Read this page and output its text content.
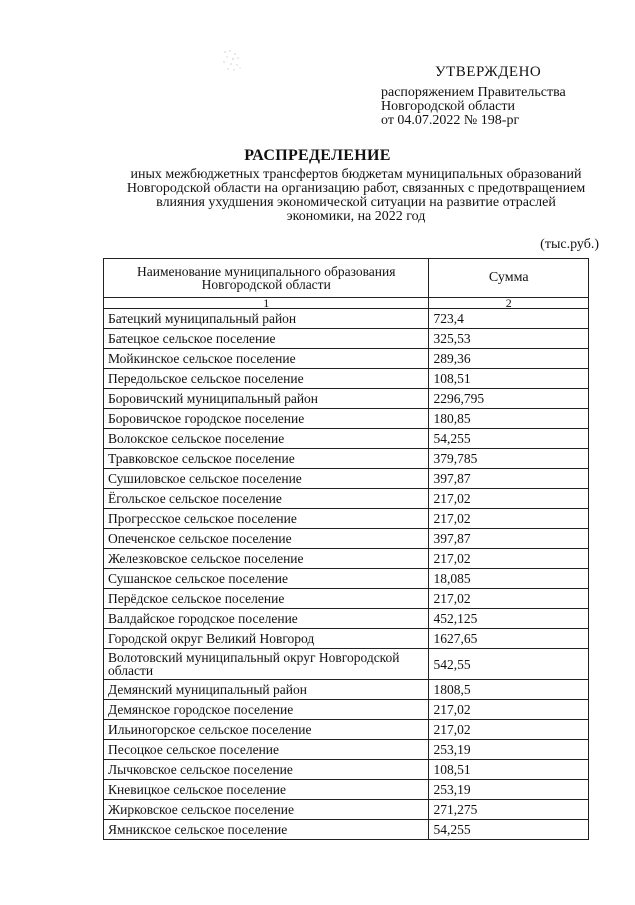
УТВЕРЖДЕНО
распоряжением Правительства
Новгородской области
от 04.07.2022 № 198-рг
РАСПРЕДЕЛЕНИЕ
иных межбюджетных трансфертов бюджетам муниципальных образований
Новгородской области на организацию работ, связанных с предотвращением
влияния ухудшения экономической ситуации на развитие отраслей
экономики, на 2022 год
(тыс.руб.)
Наименование муниципального образования Новгородской области	Сумма
1	2
Батецкий муниципальный район	723,4
Батецкое сельское поселение	325,53
Мойкинское сельское поселение	289,36
Передольское сельское поселение	108,51
Боровичский муниципальный район	2296,795
Боровичское городское поселение	180,85
Волокское сельское поселение	54,255
Травковское сельское поселение	379,785
Сушиловское сельское поселение	397,87
Ёгольское сельское поселение	217,02
Прогресское сельское поселение	217,02
Опеченское сельское поселение	397,87
Железковское сельское поселение	217,02
Сушанское сельское поселение	18,085
Перёдское сельское поселение	217,02
Валдайское городское поселение	452,125
Городской округ Великий Новгород	1627,65
Волотовский муниципальный округ Новгородской области	542,55
Демянский муниципальный район	1808,5
Демянское городское поселение	217,02
Ильиногорское сельское поселение	217,02
Песоцкое сельское поселение	253,19
Лычковское сельское поселение	108,51
Кневицкое сельское поселение	253,19
Жирковское сельское поселение	271,275
Ямникское сельское поселение	54,255
